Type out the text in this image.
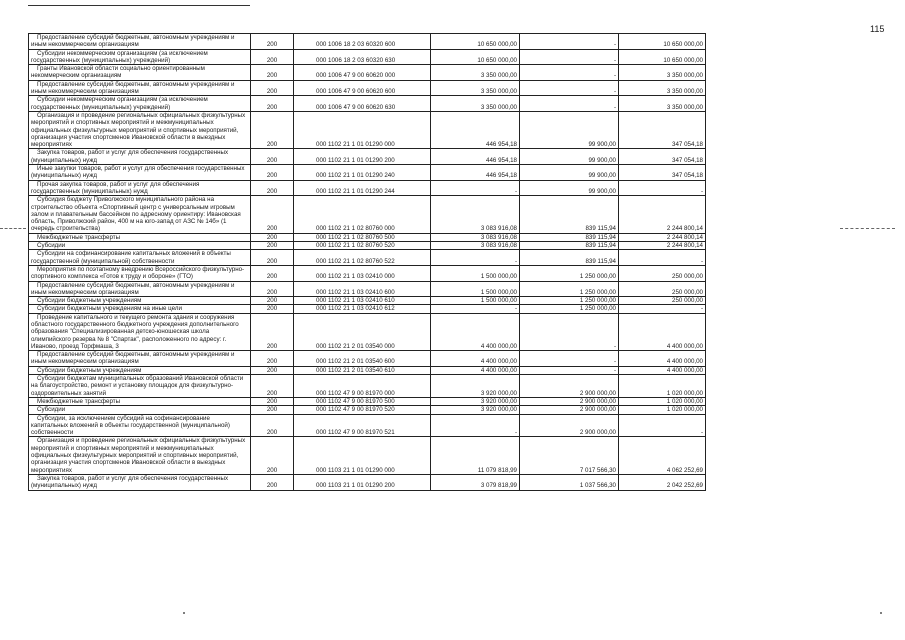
115
Предоставление субсидий бюджетным, автономным учреждениям и иным некоммерческим организациям	200	000 1006 18 2 03 60320 600	10 650 000,00	-	10 650 000,00
Субсидии некоммерческим организациям (за исключением государственных (муниципальных) учреждений)	200	000 1006 18 2 03 60320 630	10 650 000,00	-	10 650 000,00
Гранты Ивановской области социально ориентированным некоммерческим организациям	200	000 1006 47 9 00 60620 000	3 350 000,00	-	3 350 000,00
Предоставление субсидий бюджетным, автономным учреждениям и иным некоммерческим организациям	200	000 1006 47 9 00 60620 600	3 350 000,00	-	3 350 000,00
Субсидии некоммерческим организациям (за исключением государственных (муниципальных) учреждений)	200	000 1006 47 9 00 60620 630	3 350 000,00	-	3 350 000,00
Организация и проведение региональных официальных физкультурных мероприятий и спортивных мероприятий и межмуниципальных официальных физкультурных мероприятий и спортивных мероприятий, организация участия спортсменов Ивановской области в выездных мероприятиях	200	000 1102 21 1 01 01290 000	446 954,18	99 900,00	347 054,18
Закупка товаров, работ и услуг для обеспечения государственных (муниципальных) нужд	200	000 1102 21 1 01 01290 200	446 954,18	99 900,00	347 054,18
Иные закупки товаров, работ и услуг для обеспечения государственных (муниципальных) нужд	200	000 1102 21 1 01 01290 240	446 954,18	99 900,00	347 054,18
Прочая закупка товаров, работ и услуг для обеспечения государственных (муниципальных) нужд	200	000 1102 21 1 01 01290 244	-	99 900,00	-
Субсидия бюджету Приволжского муниципального района на строительство объекта «Спортивный центр с универсальным игровым залом и плавательным бассейном по адресному ориентиру: Ивановская область, Приволжский район, 400 м на юго-запад от АЗС № 14б» (1 очередь строительства)	200	000 1102 21 1 02 80760 000	3 083 916,08	839 115,94	2 244 800,14
Межбюджетные трансферты	200	000 1102 21 1 02 80760 500	3 083 916,08	839 115,94	2 244 800,14
Субсидии	200	000 1102 21 1 02 80760 520	3 083 916,08	839 115,94	2 244 800,14
Субсидии на софинансирование капитальных вложений в объекты государственной (муниципальной) собственности	200	000 1102 21 1 02 80760 522	-	839 115,94	-
Мероприятия по поэтапному внедрению Всероссийского физкультурно-спортивного комплекса «Готов к труду и обороне» (ГТО)	200	000 1102 21 1 03 02410 000	1 500 000,00	1 250 000,00	250 000,00
Предоставление субсидий бюджетным, автономным учреждениям и иным некоммерческим организациям	200	000 1102 21 1 03 02410 600	1 500 000,00	1 250 000,00	250 000,00
Субсидии бюджетным учреждениям	200	000 1102 21 1 03 02410 610	1 500 000,00	1 250 000,00	250 000,00
Субсидии бюджетным учреждениям на иные цели	200	000 1102 21 1 03 02410 612	-	1 250 000,00	-
Проведение капитального и текущего ремонта здания и сооружения областного государственного бюджетного учреждения дополнительного образования "Специализированная детско-юношеская школа олимпийского резерва № 8 "Спартак", расположенного по адресу: г. Иваново, проезд Торфмаша, 3	200	000 1102 21 2 01 03540 000	4 400 000,00	-	4 400 000,00
Предоставление субсидий бюджетным, автономным учреждениям и иным некоммерческим организациям	200	000 1102 21 2 01 03540 600	4 400 000,00	-	4 400 000,00
Субсидии бюджетным учреждениям	200	000 1102 21 2 01 03540 610	4 400 000,00	-	4 400 000,00
Субсидии бюджетам муниципальных образований Ивановской области на благоустройство, ремонт и установку площадок для физкультурно-оздоровительных занятий	200	000 1102 47 9 00 81970 000	3 920 000,00	2 900 000,00	1 020 000,00
Межбюджетные трансферты	200	000 1102 47 9 00 81970 500	3 920 000,00	2 900 000,00	1 020 000,00
Субсидии	200	000 1102 47 9 00 81970 520	3 920 000,00	2 900 000,00	1 020 000,00
Субсидии, за исключением субсидий на софинансирование капитальных вложений в объекты государственной (муниципальной) собственности	200	000 1102 47 9 00 81970 521	-	2 900 000,00	-
Организация и проведение региональных официальных физкультурных мероприятий и спортивных мероприятий и межмуниципальных официальных физкультурных мероприятий и спортивных мероприятий, организация участия спортсменов Ивановской области в выездных мероприятиях	200	000 1103 21 1 01 01290 000	11 079 818,99	7 017 566,30	4 062 252,69
Закупка товаров, работ и услуг для обеспечения государственных (муниципальных) нужд	200	000 1103 21 1 01 01290 200	3 079 818,99	1 037 566,30	2 042 252,69
